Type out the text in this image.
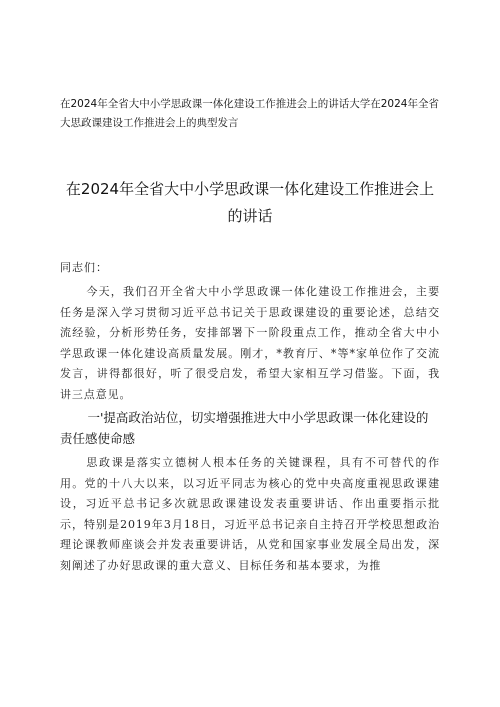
在2024年全省大中小学思政课一体化建设工作推进会上的讲话大学在2024年全省大思政课建设工作推进会上的典型发言
在2024年全省大中小学思政课一体化建设工作推进会上的讲话
同志们：

今天，我们召开全省大中小学思政课一体化建设工作推进会，主要任务是深入学习贯彻习近平总书记关于思政课建设的重要论述，总结交流经验，分析形势任务，安排部署下一阶段重点工作，推动全省大中小学思政课一体化建设高质量发展。刚才，*教育厅、*等*家单位作了交流发言，讲得都很好，听了很受启发，希望大家相互学习借鉴。下面，我讲三点意见。

一'提高政治站位，切实增强推进大中小学思政课一体化建设的责任感使命感

思政课是落实立德树人根本任务的关键课程，具有不可替代的作用。党的十八大以来，以习近平同志为核心的党中央高度重视思政课建设，习近平总书记多次就思政课建设发表重要讲话、作出重要指示批示，特别是2019年3月18日，习近平总书记亲自主持召开学校思想政治理论课教师座谈会并发表重要讲话，从党和国家事业发展全局出发，深刻阐述了办好思政课的重大意义、目标任务和基本要求，为推
